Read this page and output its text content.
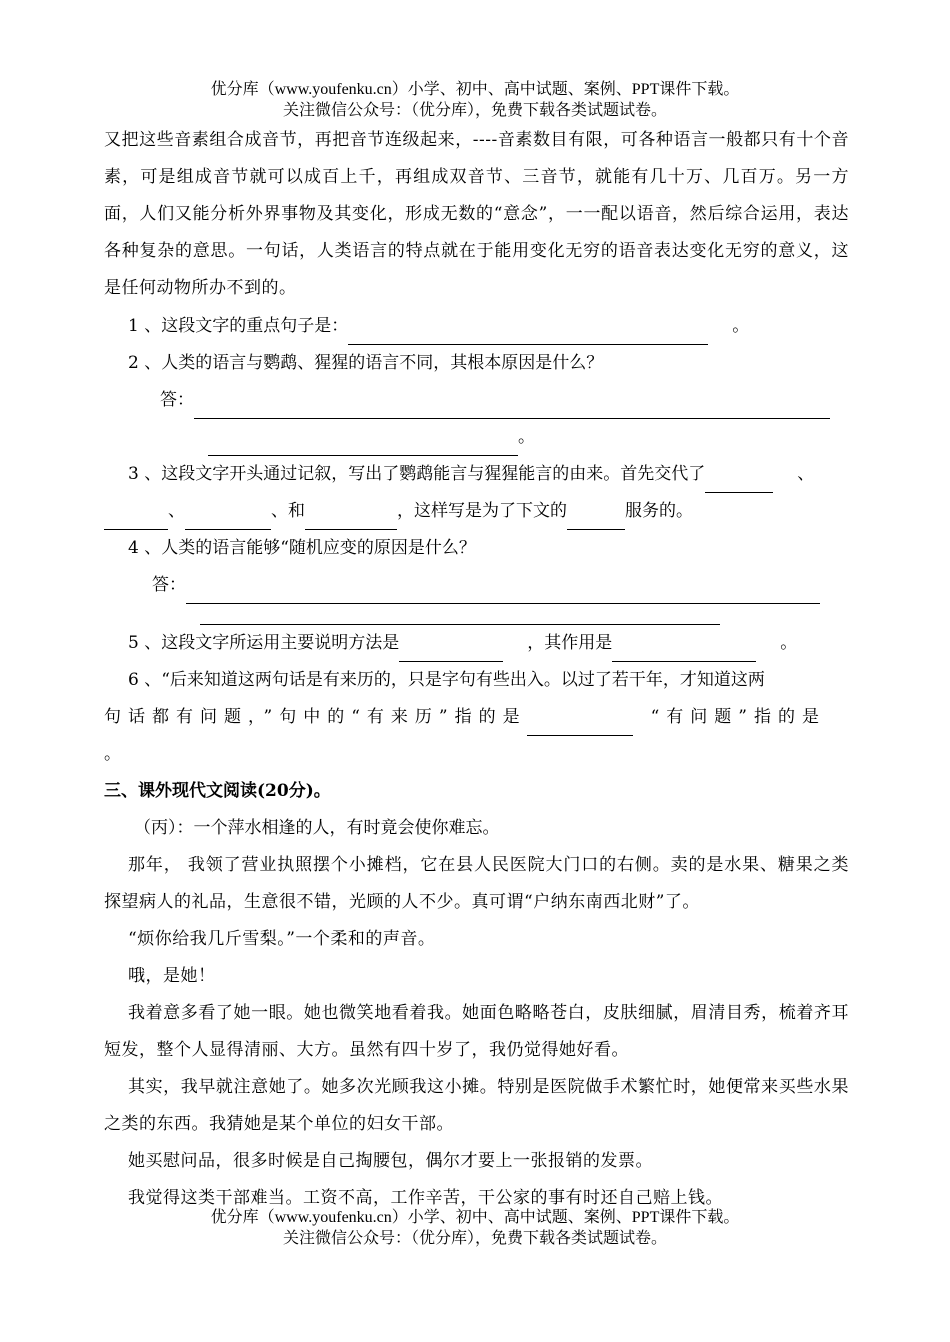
优分库（www.youfenku.cn）小学、初中、高中试题、案例、PPT课件下载。
关注微信公众号：（优分库），免费下载各类试题试卷。
又把这些音素组合成音节，再把音节连级起来，----音素数目有限，可各种语言一般都只有十个音素，可是组成音节就可以成百上千，再组成双音节、三音节，就能有几十万、几百万。另一方面，人们又能分析外界事物及其变化，形成无数的“意念”，一一配以语音，然后综合运用，表达各种复杂的意思。一句话，人类语言的特点就在于能用变化无穷的语音表达变化无穷的意义，这是任何动物所办不到的。
1 、这段文字的重点句子是：	。
2 、人类的语言与鹦鹉、猩猩的语言不同，其根本原因是什么？
答：
。
3 、这段文字开头通过记叙，写出了鹦鹉能言与猩猩能言的由来。首先交代了	、
、	、和	，这样写是为了下文的	服务的。
4 、人类的语言能够“随机应变的原因是什么？
答：
5 、这段文字所运用主要说明方法是	，其作用是	。
6 、“后来知道这两句话是有来历的，只是字句有些出入。以过了若干年，才知道这两
句话都有问题，”句中的“有来历”指的是	“有问题”指的是
。
三、课外现代文阅读(20分)。
（丙）：一个萍水相逢的人，有时竟会使你难忘。
那年， 我领了营业执照摆个小摊档，它在县人民医院大门口的右侧。卖的是水果、糖果之类探望病人的礼品，生意很不错，光顾的人不少。真可谓“户纳东南西北财”了。
“烦你给我几斤雪梨。”一个柔和的声音。
哦，是她！
我着意多看了她一眼。她也微笑地看着我。她面色略略苍白，皮肤细腻，眉清目秀，梳着齐耳短发，整个人显得清丽、大方。虽然有四十岁了，我仍觉得她好看。
其实，我早就注意她了。她多次光顾我这小摊。特别是医院做手术繁忙时，她便常来买些水果之类的东西。我猜她是某个单位的妇女干部。
她买慰问品，很多时候是自己掏腰包，偶尔才要上一张报销的发票。
我觉得这类干部难当。工资不高，工作辛苦，干公家的事有时还自己赔上钱。
优分库（www.youfenku.cn）小学、初中、高中试题、案例、PPT课件下载。
关注微信公众号：（优分库），免费下载各类试题试卷。
